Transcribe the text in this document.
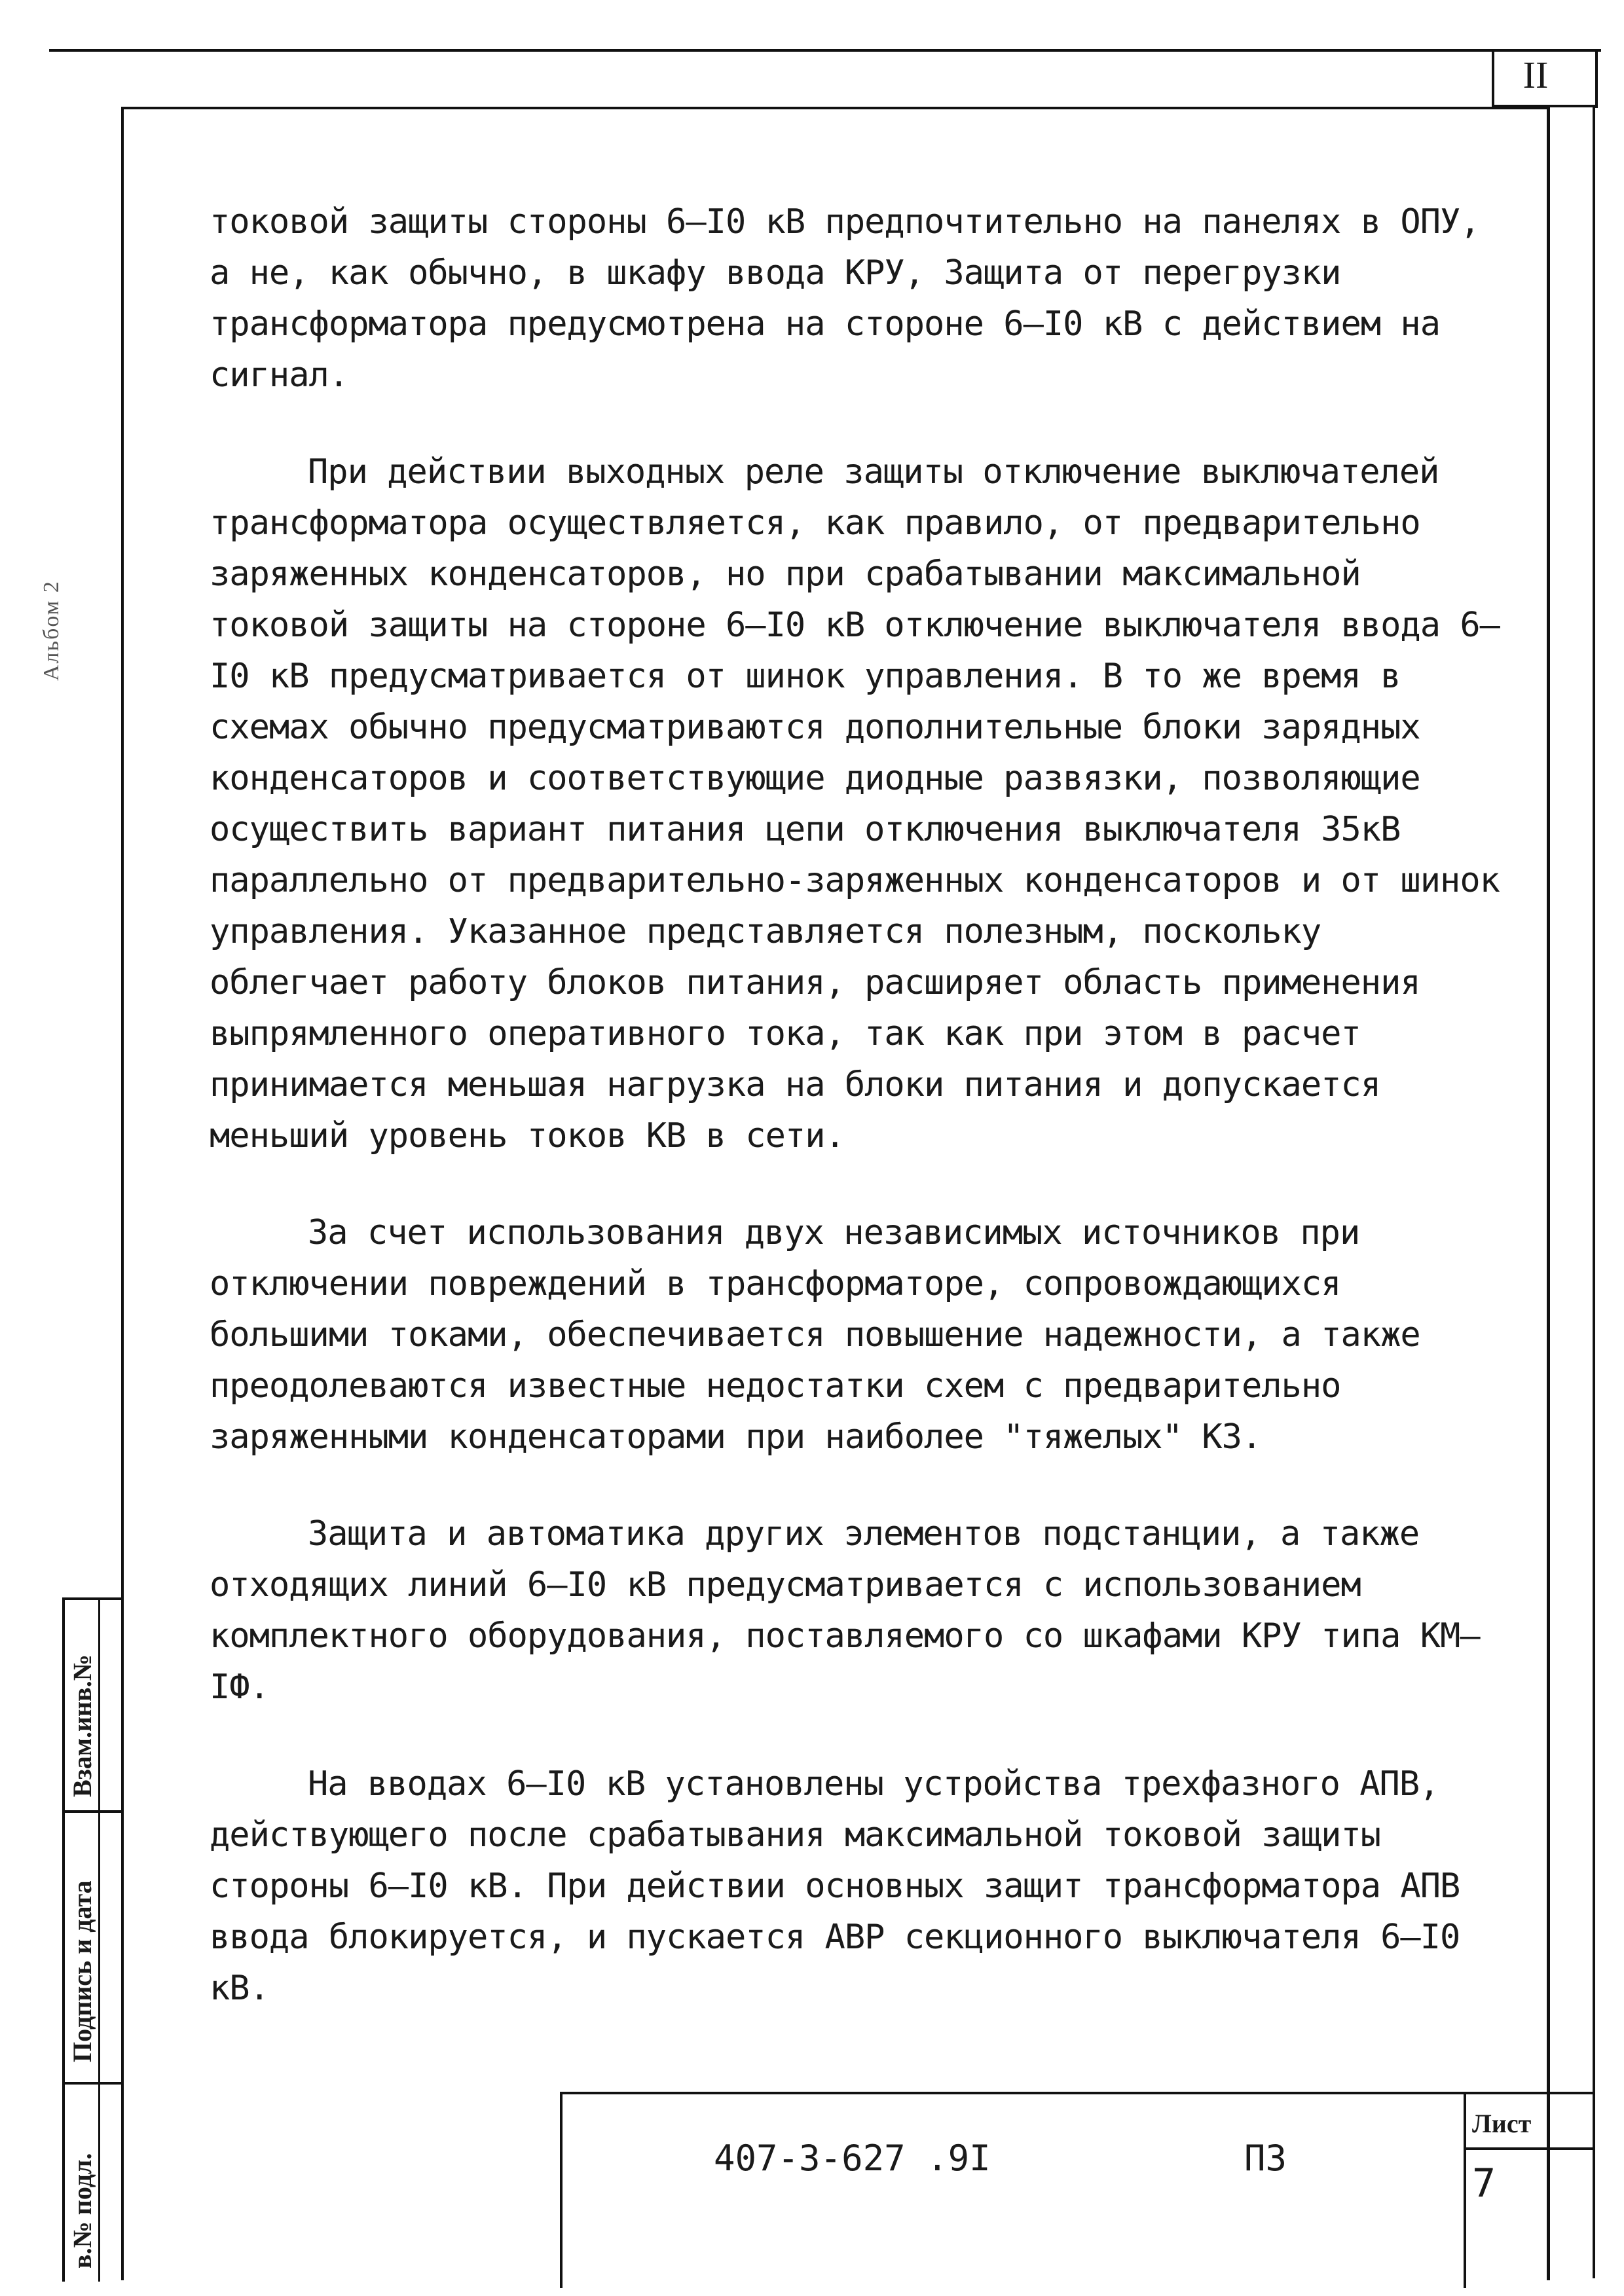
II

токовой защиты стороны 6–I0 кВ предпочтительно на панелях в ОПУ, а не, как обычно, в шкафу ввода КРУ, Защита от перегрузки трансформатора предусмотрена на стороне 6–I0 кВ с действием на сигнал.

При действии выходных реле защиты отключение выключателей трансформатора осуществляется, как правило, от предварительно заряженных конденсаторов, но при срабатывании максимальной токовой защиты на стороне 6–I0 кВ отключение выключателя ввода 6–I0 кВ предусматривается от шинок управления. В то же время в схемах обычно предусматриваются дополнительные блоки зарядных конденсаторов и соответствующие диодные развязки, позволяющие осуществить вариант питания цепи отключения выключателя 35кВ параллельно от предварительно-заряженных конденсаторов и от шинок управления. Указанное представляется полезным, поскольку облегчает работу блоков питания, расширяет область применения выпрямленного оперативного тока, так как при этом в расчет принимается меньшая нагрузка на блоки питания и допускается меньший уровень токов КВ в сети.

За счет использования двух независимых источников при отключении повреждений в трансформаторе, сопровождающихся большими токами, обеспечивается повышение надежности, а также преодолеваются известные недостатки схем с предварительно заряженными конденсаторами при наиболее "тяжелых" КЗ.

Защита и автоматика других элементов подстанции, а также отходящих линий 6–I0 кВ предусматривается с использованием комплектного оборудования, поставляемого со шкафами КРУ типа КМ–IФ.

На вводах 6–I0 кВ установлены устройства трехфазного АПВ, действующего после срабатывания максимальной токовой защиты стороны 6–I0 кВ. При действии основных защит трансформатора АПВ ввода блокируется, и пускается АВР секционного выключателя 6–I0 кВ.

Альбом 2
Взам.инв.№
Подпись и дата
в.№ подл.	407-3-627 .9I	ПЗ
Лист
7
